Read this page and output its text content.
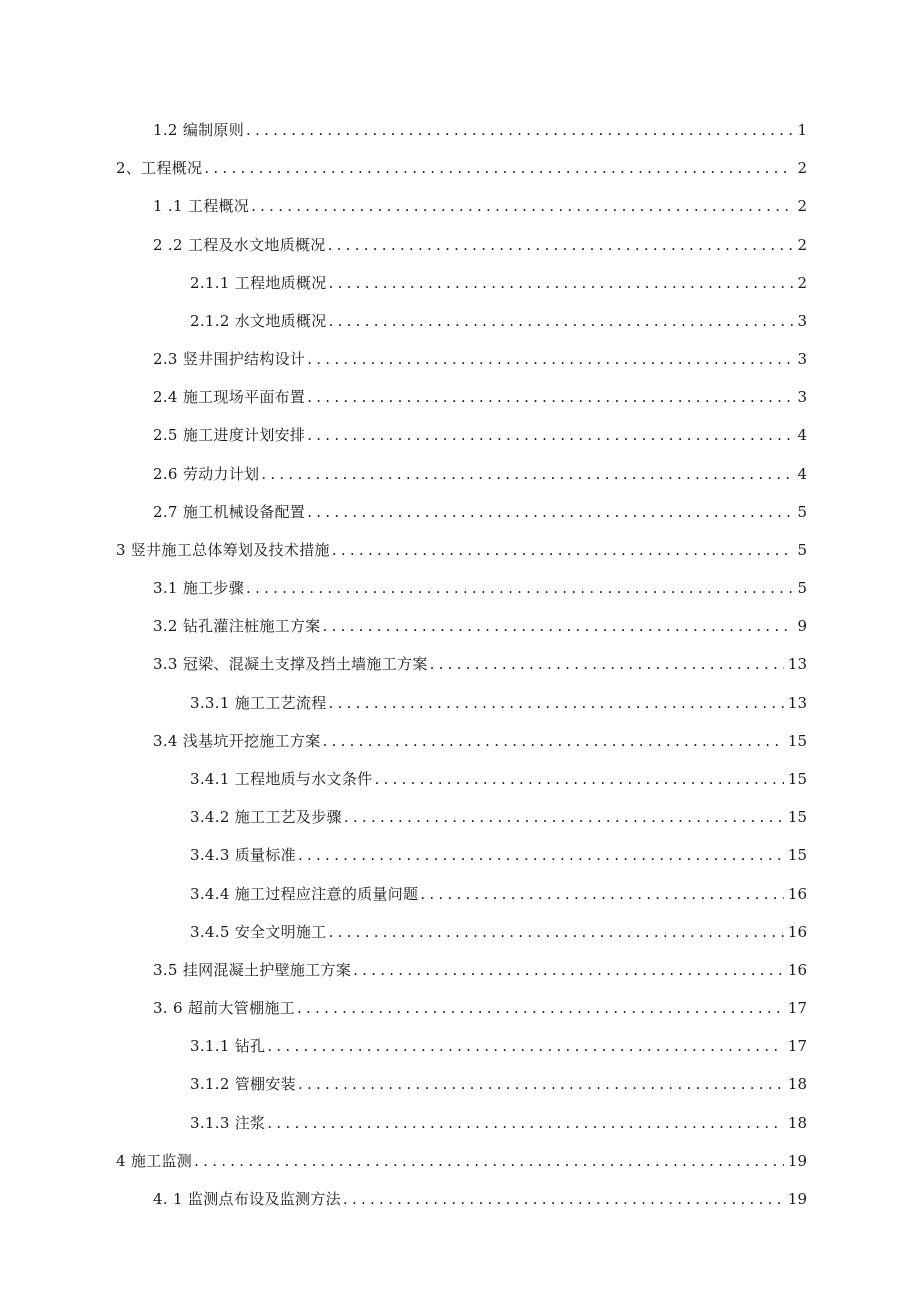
1.2 编制原则 . . .	1
2、工程概况 . . .	2
1 .1 工程概况 . . .	2
2 .2 工程及水文地质概况 . . .	2
2.1.1 工程地质概况 . . .	2
2.1.2 水文地质概况 . . .	3
2.3 竖井围护结构设计 . . .	3
2.4 施工现场平面布置 . . .	3
2.5 施工进度计划安排 . . .	4
2.6 劳动力计划 . . .	4
2.7 施工机械设备配置 . . .	5
3 竖井施工总体筹划及技术措施 . . .	5
3.1 施工步骤 . . .	5
3.2 钻孔灌注桩施工方案 . . .	9
3.3 冠梁、混凝土支撑及挡土墙施工方案 . . .	13
3.3.1 施工工艺流程 . . .	13
3.4 浅基坑开挖施工方案 . . .	15
3.4.1 工程地质与水文条件 . . .	15
3.4.2 施工工艺及步骤 . . .	15
3.4.3 质量标准 . . .	15
3.4.4 施工过程应注意的质量问题 . . .	16
3.4.5 安全文明施工 . . .	16
3.5 挂网混凝土护壁施工方案 . . .	16
3. 6 超前大管棚施工 . . .	17
3.1.1 钻孔 . . .	17
3.1.2 管棚安装 . . .	18
3.1.3 注浆 . . .	18
4 施工监测 . . .	19
4. 1 监测点布设及监测方法 . . .	19
